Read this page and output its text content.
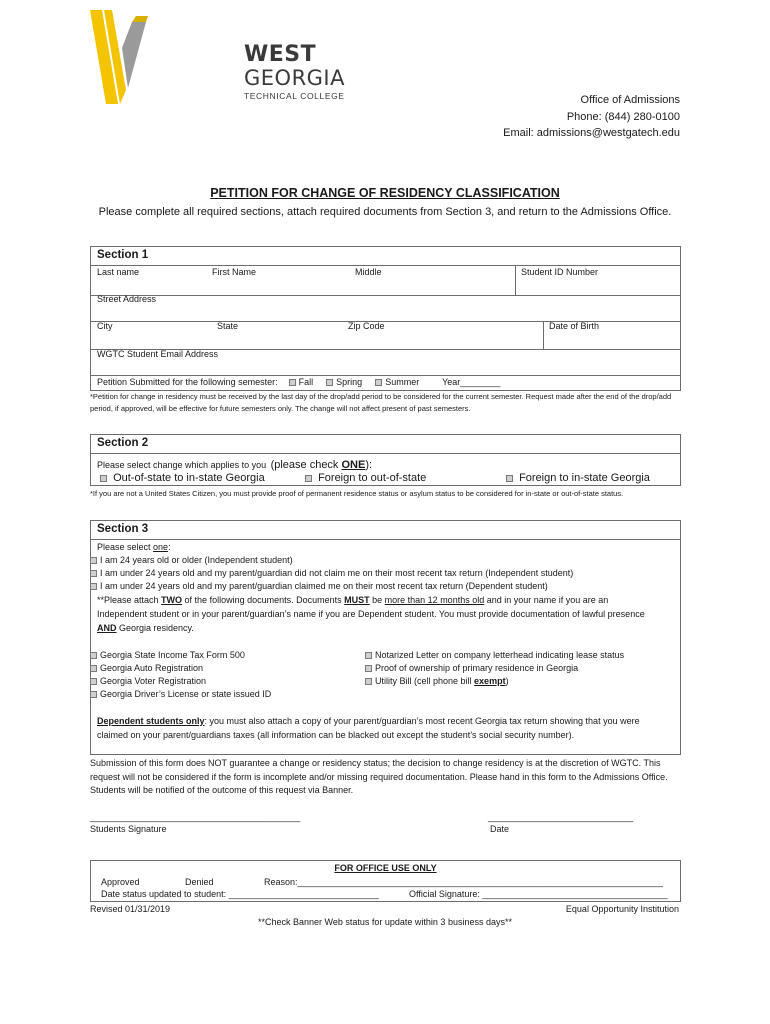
WEST
GEORGIA
TECHNICAL COLLEGE	Office of Admissions
Phone: (844) 280-0100
Email: admissions@westgatech.edu
PETITION FOR CHANGE OF RESIDENCY CLASSIFICATION
Please complete all required sections, attach required documents from Section 3, and return to the Admissions Office.
Section 1
Last name	First Name	Middle	Student ID Number
Street Address
City	State	Zip Code	Date of Birth
WGTC Student Email Address
Petition Submitted for the following semester: Fall	Spring	Summer	Year________
*Petition for change in residency must be received by the last day of the drop/add period to be considered for the current semester. Request made after the end of the drop/add period, if approved, will be effective for future semesters only. The change will not affect present of past semesters.
Section 2
Please select change which applies to you (please check ONE):
Out-of-state to in-state Georgia	Foreign to out-of-state	Foreign to in-state Georgia
*If you are not a United States Citizen, you must provide proof of permanent residence status or asylum status to be considered for in-state or out-of-state status.
Section 3
Please select one:
I am 24 years old or older (Independent student)
I am under 24 years old and my parent/guardian did not claim me on their most recent tax return (Independent student)
I am under 24 years old and my parent/guardian claimed me on their most recent tax return (Dependent student)
**Please attach TWO of the following documents. Documents MUST be more than 12 months old and in your name if you are an
Independent student or in your parent/guardian’s name if you are Dependent student. You must provide documentation of lawful presence
AND Georgia residency.
Georgia State Income Tax Form 500
Georgia Auto Registration
Georgia Voter Registration
Georgia Driver’s License or state issued ID
Notarized Letter on company letterhead indicating lease status
Proof of ownership of primary residence in Georgia
Utility Bill (cell phone bill exempt)
Dependent students only: you must also attach a copy of your parent/guardian’s most recent Georgia tax return showing that you were
claimed on your parent/guardians taxes (all information can be blacked out except the student’s social security number).
Submission of this form does NOT guarantee a change or residency status; the decision to change residency is at the discretion of WGTC. This request will not be considered if the form is incomplete and/or missing required documentation. Please hand in this form to the Admissions Office. Students will be notified of the outcome of this request via Banner.
__________________________________________
Students Signature
_____________________________
Date
FOR OFFICE USE ONLY
Approved	Denied	Reason:_________________________________________________________________________
Date status updated to student: ______________________________	Official Signature: _____________________________________
Revised 01/31/2019	Equal Opportunity Institution
**Check Banner Web status for update within 3 business days**
